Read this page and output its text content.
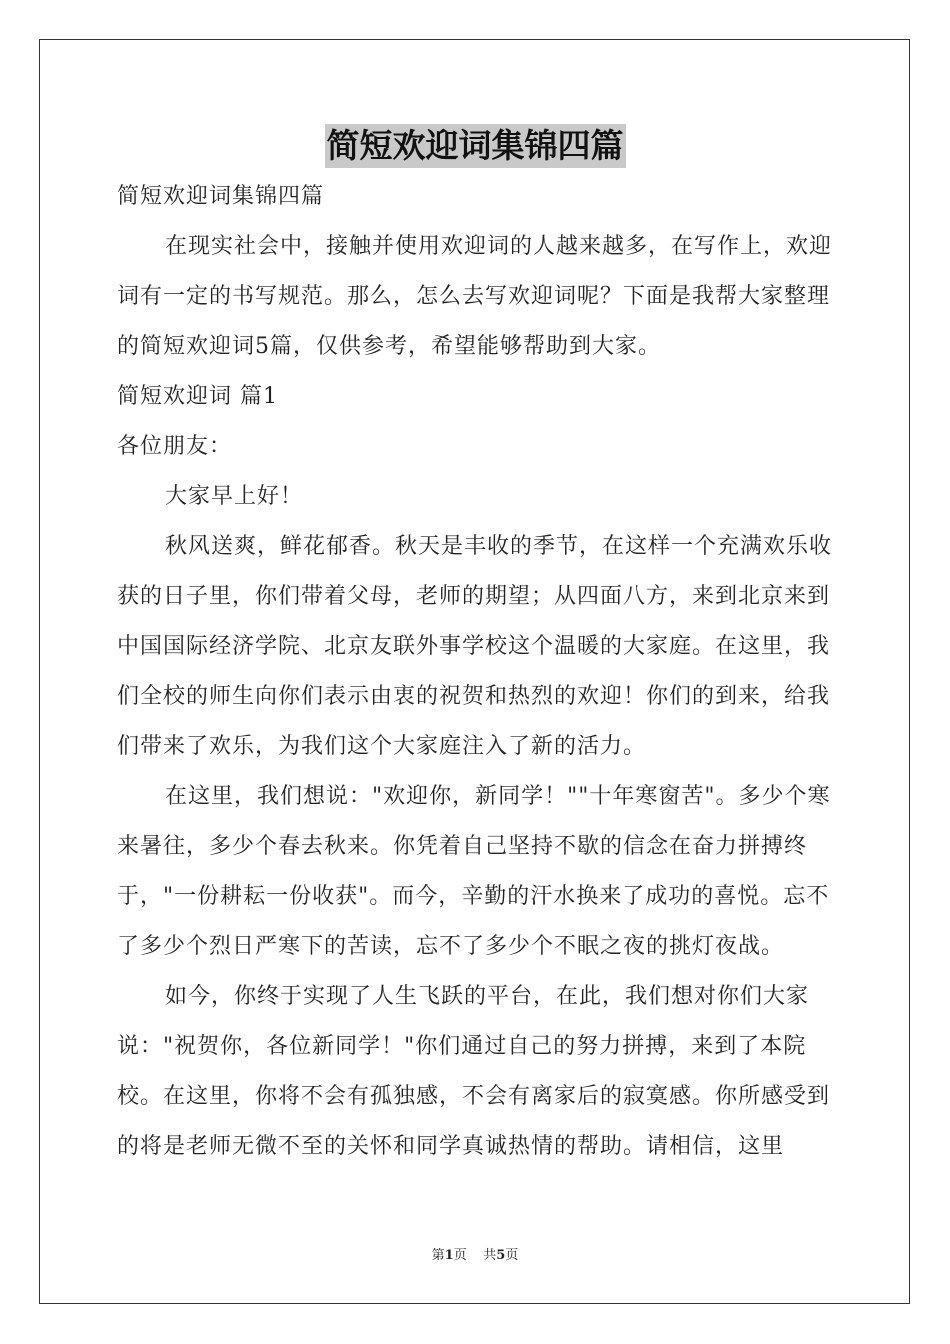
简短欢迎词集锦四篇

简短欢迎词集锦四篇

在现实社会中，接触并使用欢迎词的人越来越多，在写作上，欢迎词有一定的书写规范。那么，怎么去写欢迎词呢？下面是我帮大家整理的简短欢迎词5篇，仅供参考，希望能够帮助到大家。

简短欢迎词 篇1

各位朋友：

大家早上好！

秋风送爽，鲜花郁香。秋天是丰收的季节，在这样一个充满欢乐收获的日子里，你们带着父母，老师的期望；从四面八方，来到北京来到中国国际经济学院、北京友联外事学校这个温暖的大家庭。在这里，我们全校的师生向你们表示由衷的祝贺和热烈的欢迎！你们的到来，给我们带来了欢乐，为我们这个大家庭注入了新的活力。

在这里，我们想说："欢迎你，新同学！""十年寒窗苦"。多少个寒来暑往，多少个春去秋来。你凭着自己坚持不歇的信念在奋力拼搏终于，"一份耕耘一份收获"。而今，辛勤的汗水换来了成功的喜悦。忘不了多少个烈日严寒下的苦读，忘不了多少个不眠之夜的挑灯夜战。

如今，你终于实现了人生飞跃的平台，在此，我们想对你们大家说："祝贺你，各位新同学！"你们通过自己的努力拼搏，来到了本院校。在这里，你将不会有孤独感，不会有离家后的寂寞感。你所感受到的将是老师无微不至的关怀和同学真诚热情的帮助。请相信，这里

第1页 共5页
